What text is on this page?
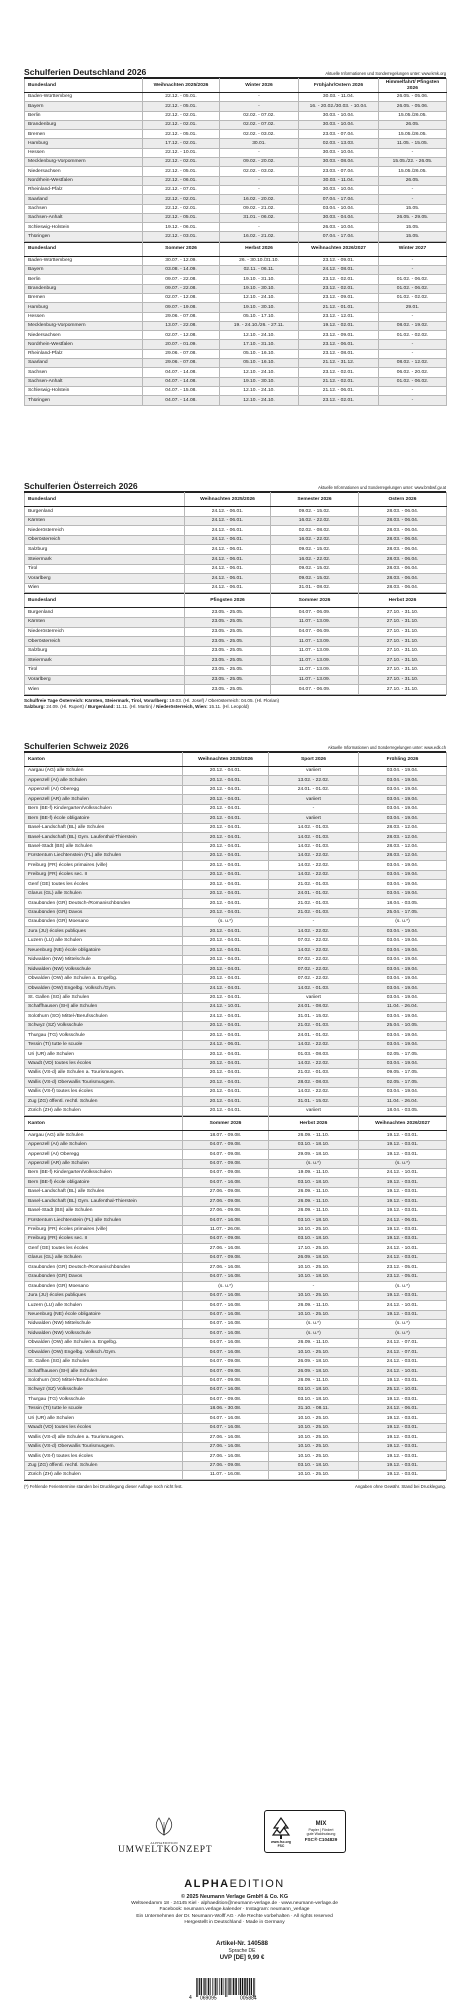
Schulferien Deutschland 2026	Aktuelle Informationen und Sonderregelungen unter: www.kmk.org
Bundesland	Weihnachten 2025/2026	Winter 2026	Frühjahr/Ostern 2026	Himmelfahrt/ Pfingsten 2026
Baden-Württemberg	22.12. - 05.01.	-	30.03. - 11.04.	26.05. - 05.06.
Bayern	22.12. - 05.01.	-	16. - 20.02./30.03. - 10.04.	26.05. - 05.06.
Berlin	22.12. - 02.01.	02.02. - 07.02.	30.03. - 10.04.	15.05./26.05.
Brandenburg	22.12. - 02.01.	02.02. - 07.02.	30.03. - 10.04.	26.05.
Bremen	22.12. - 05.01.	02.02. - 03.02.	23.03. - 07.04.	15.05./26.05.
Hamburg	17.12. - 02.01.	30.01.	02.03. - 13.03.	11.05. - 15.05.
Hessen	22.12. - 10.01.	-	30.03. - 10.04.	-
Mecklenburg-Vorpommern	22.12. - 02.01.	09.02. - 20.02.	30.03. - 08.04.	15.05./22. - 26.05.
Niedersachsen	22.12. - 05.01.	02.02. - 03.02.	23.03. - 07.04.	15.05./26.05.
Nordrhein-Westfalen	22.12. - 06.01.	-	30.03. - 11.04.	26.05.
Rheinland-Pfalz	22.12. - 07.01.	-	30.03. - 10.04.	-
Saarland	22.12. - 02.01.	16.02. - 20.02.	07.04. - 17.04.	-
Sachsen	22.12. - 02.01.	09.02. - 21.02.	03.04. - 10.04.	15.05.
Sachsen-Anhalt	22.12. - 05.01.	31.01. - 06.02.	30.03. - 04.04.	26.05. - 29.05.
Schleswig-Holstein	19.12. - 06.01.	-	26.03. - 10.04.	15.05.
Thüringen	22.12. - 03.01.	16.02. - 21.02.	07.04. - 17.04.	15.05.
Bundesland	Sommer 2026	Herbst 2026	Weihnachten 2026/2027	Winter 2027
Baden-Württemberg	30.07. - 12.09.	26. - 30.10./31.10.	23.12. - 09.01.	-
Bayern	03.08. - 14.09.	02.11. - 06.11.	24.12. - 08.01.	-
Berlin	09.07. - 22.08.	19.10. - 31.10.	23.12. - 02.01.	01.02. - 06.02.
Brandenburg	09.07. - 22.08.	19.10. - 30.10.	23.12. - 02.01.	01.02. - 06.02.
Bremen	02.07. - 12.08.	12.10. - 24.10.	23.12. - 09.01.	01.02. - 02.02.
Hamburg	09.07. - 19.08.	19.10. - 30.10.	21.12. - 01.01.	29.01.
Hessen	29.06. - 07.08.	05.10. - 17.10.	23.12. - 12.01.	-
Mecklenburg-Vorpommern	13.07. - 22.08.	19. - 24.10./26. - 27.11.	19.12. - 02.01.	08.02. - 19.02.
Niedersachsen	02.07. - 12.08.	12.10. - 24.10.	23.12. - 09.01.	01.02. - 02.02.
Nordrhein-Westfalen	20.07. - 01.09.	17.10. - 31.10.	23.12. - 06.01.	-
Rheinland-Pfalz	29.06. - 07.08.	05.10. - 16.10.	23.12. - 08.01.	-
Saarland	29.06. - 07.08.	05.10. - 16.10.	21.12. - 31.12.	08.02. - 12.02.
Sachsen	04.07. - 14.08.	12.10. - 24.10.	23.12. - 02.01.	06.02. - 20.02.
Sachsen-Anhalt	04.07. - 14.08.	19.10. - 30.10.	21.12. - 02.01.	01.02. - 06.02.
Schleswig-Holstein	04.07. - 15.08.	12.10. - 24.10.	21.12. - 06.01.	-
Thüringen	04.07. - 14.08.	12.10. - 24.10.	23.12. - 02.01.	-
Schulferien Österreich 2026	Aktuelle Informationen und Sonderregelungen unter: www.bmbwf.gv.at
Bundesland	Weihnachten 2025/2026	Semester 2026	Ostern 2026
Burgenland	24.12. - 06.01.	09.02. - 15.02.	28.03. - 06.04.
Kärnten	24.12. - 06.01.	16.02. - 22.02.	28.03. - 06.04.
Niederösterreich	24.12. - 06.01.	02.02. - 08.02.	28.03. - 06.04.
Oberösterreich	24.12. - 06.01.	16.02. - 22.02.	28.03. - 06.04.
Salzburg	24.12. - 06.01.	09.02. - 15.02.	28.03. - 06.04.
Steiermark	24.12. - 06.01.	16.02. - 22.02.	28.03. - 06.04.
Tirol	24.12. - 06.01.	09.02. - 15.02.	28.03. - 06.04.
Vorarlberg	24.12. - 06.01.	09.02. - 15.02.	28.03. - 06.04.
Wien	24.12. - 06.01.	31.01. - 08.02.	28.03. - 06.04.
Bundesland	Pfingsten 2026	Sommer 2026	Herbst 2026
Burgenland	23.05. - 25.05.	04.07. - 06.09.	27.10. - 31.10.
Kärnten	23.05. - 25.05.	11.07. - 13.09.	27.10. - 31.10.
Niederösterreich	23.05. - 25.05.	04.07. - 06.09.	27.10. - 31.10.
Oberösterreich	23.05. - 25.05.	11.07. - 13.09.	27.10. - 31.10.
Salzburg	23.05. - 25.05.	11.07. - 13.09.	27.10. - 31.10.
Steiermark	23.05. - 25.05.	11.07. - 13.09.	27.10. - 31.10.
Tirol	23.05. - 25.05.	11.07. - 13.09.	27.10. - 31.10.
Vorarlberg	23.05. - 25.05.	11.07. - 13.09.	27.10. - 31.10.
Wien	23.05. - 25.05.	04.07. - 06.09.	27.10. - 31.10.
Schulfreie Tage Österreich: Kärnten, Steiermark, Tirol, Vorarlberg: 19.03. (Hl. Josef) / Oberösterreich: 04.05. (Hl. Florian)
Salzburg: 24.09. (Hl. Rupert) / Burgenland: 11.11. (Hl. Martin) / Niederösterreich, Wien: 15.11. (Hl. Leopold)
Schulferien Schweiz 2026	Aktuelle Informationen und Sonderregelungen unter: www.edk.ch
Kanton	Weihnachten 2025/2026	Sport 2026	Frühling 2026
Aargau (AG) alle Schulen	20.12. - 04.01.	variiert	03.04. - 19.04.
Appenzell (AI) alle Schulen	20.12. - 04.01.	13.02. - 22.02.	03.04. - 19.04.
Appenzell (AI) Oberegg	20.12. - 04.01.	24.01. - 01.02.	03.04. - 19.04.
Appenzell (AR) alle Schulen	20.12. - 04.01.	variiert	03.04. - 19.04.
Bern (BE-f) Kindergarten/Volksschulen	20.12. - 04.01.	-	03.04. - 19.04.
Bern (BE-f) école obligatoire	20.12. - 04.01.	variiert	03.04. - 19.04.
Basel-Landschaft (BL) alle Schulen	20.12. - 04.01.	14.02. - 01.03.	28.03. - 12.04.
Basel-Landschaft (BL) Gym. Laufenthal-Thierstein	20.12. - 04.01.	14.02. - 01.03.	28.03. - 12.04.
Basel-Stadt (BS) alle Schulen	20.12. - 04.01.	14.02. - 01.03.	28.03. - 12.04.
Fürstentum Liechtenstein (FL) alle Schulen	20.12. - 04.01.	14.02. - 22.02.	28.03. - 12.04.
Freiburg (FR) écoles primaires (ville)	20.12. - 04.01.	14.02. - 22.02.	03.04. - 19.04.
Freiburg (FR) écoles sec. II	20.12. - 04.01.	14.02. - 22.02.	03.04. - 19.04.
Genf (GE) toutes les écoles	20.12. - 04.01.	21.02. - 01.03.	03.04. - 19.04.
Glarus (GL) alle Schulen	20.12. - 04.01.	24.01. - 01.02.	03.04. - 19.04.
Graubünden (GR) Deutsch-/Romanischbünden	20.12. - 04.01.	21.02. - 01.03.	18.04. - 03.05.
Graubünden (GR) Davos	20.12. - 04.01.	21.02. - 01.03.	25.04. - 17.05.
Graubünden (GR) Moesano	(s. u.*)	-	(s. u.*)
Jura (JU) écoles publiques	20.12. - 04.01.	14.02. - 22.02.	03.04. - 19.04.
Luzern (LU) alle Schulen	20.12. - 04.01.	07.02. - 22.02.	03.04. - 19.04.
Neuenburg (NE) école obligatoire	20.12. - 04.01.	14.02. - 22.02.	03.04. - 19.04.
Nidwalden (NW) Mittelschule	20.12. - 04.01.	07.02. - 22.02.	03.04. - 19.04.
Nidwalden (NW) Volksschule	20.12. - 04.01.	07.02. - 22.02.	03.04. - 19.04.
Obwalden (OW) alle Schulen a. Engelbg.	20.12. - 04.01.	07.02. - 22.02.	03.04. - 19.04.
Obwalden (OW) Engelbg. Volksch./Gym.	24.12. - 04.01.	14.02. - 01.03.	03.04. - 19.04.
St. Gallen (SG) alle Schulen	20.12. - 04.01.	variiert	03.04. - 19.04.
Schaffhausen (SH) alle Schulen	24.12. - 10.01.	24.01. - 08.02.	11.04. - 26.04.
Solothurn (SO) Mittel-/Berufsschulen	24.12. - 04.01.	31.01. - 15.02.	03.04. - 19.04.
Schwyz (SZ) Volksschule	20.12. - 04.01.	21.02. - 01.03.	25.04. - 10.05.
Thurgau (TG) Volksschule	20.12. - 04.01.	24.01. - 01.02.	03.04. - 19.04.
Tessin (TI) tutte le scuole	24.12. - 06.01.	14.02. - 22.02.	03.04. - 19.04.
Uri (UR) alle Schulen	20.12. - 04.01.	01.03. - 08.03.	02.05. - 17.05.
Waadt (VD) toutes les écoles	20.12. - 04.01.	14.02. - 22.02.	03.04. - 19.04.
Wallis (VS-d) alle Schulen a. Tourismusgem.	20.12. - 04.01.	21.02. - 01.03.	09.05. - 17.05.
Wallis (VS-d) Oberwallis Tourismusgem.	20.12. - 04.01.	28.02. - 08.03.	02.05. - 17.05.
Wallis (VS-f) toutes les écoles	20.12. - 04.01.	14.02. - 22.02.	03.04. - 19.04.
Zug (ZG) öffentl. rechtl. Schulen	20.12. - 04.01.	31.01. - 15.02.	11.04. - 26.04.
Zürich (ZH) alle Schulen	20.12. - 04.01.	variiert	18.04. - 03.05.
Kanton	Sommer 2026	Herbst 2026	Weihnachten 2026/2027
Aargau (AG) alle Schulen	18.07. - 09.08.	26.09. - 11.10.	19.12. - 03.01.
Appenzell (AI) alle Schulen	04.07. - 09.08.	03.10. - 18.10.	19.12. - 03.01.
Appenzell (AI) Oberegg	04.07. - 09.08.	29.09. - 18.10.	19.12. - 03.01.
Appenzell (AR) alle Schulen	04.07. - 09.08.	(s. u.*)	(s. u.*)
Bern (BE-f) Kindergarten/Volksschulen	04.07. - 09.08.	19.09. - 11.10.	24.12. - 10.01.
Bern (BE-f) école obligatoire	04.07. - 16.08.	03.10. - 18.10.	19.12. - 03.01.
Basel-Landschaft (BL) alle Schulen	27.06. - 09.08.	26.09. - 11.10.	19.12. - 03.01.
Basel-Landschaft (BL) Gym. Laufenthal-Thierstein	27.06. - 09.08.	26.09. - 11.10.	19.12. - 03.01.
Basel-Stadt (BS) alle Schulen	27.06. - 09.08.	26.09. - 11.10.	19.12. - 03.01.
Fürstentum Liechtenstein (FL) alle Schulen	04.07. - 16.08.	03.10. - 18.10.	24.12. - 06.01.
Freiburg (FR) écoles primaires (ville)	11.07. - 26.08.	10.10. - 25.10.	19.12. - 03.01.
Freiburg (FR) écoles sec. II	04.07. - 09.08.	03.10. - 18.10.	19.12. - 03.01.
Genf (GE) toutes les écoles	27.06. - 16.08.	17.10. - 25.10.	24.12. - 10.01.
Glarus (GL) alle Schulen	04.07. - 09.08.	26.09. - 18.10.	24.12. - 03.01.
Graubünden (GR) Deutsch-/Romanischbünden	27.06. - 16.08.	10.10. - 25.10.	23.12. - 05.01.
Graubünden (GR) Davos	04.07. - 16.08.	10.10. - 18.10.	23.12. - 05.01.
Graubünden (GR) Moesano	(s. u.*)	-	(s. u.*)
Jura (JU) écoles publiques	04.07. - 16.08.	10.10. - 25.10.	19.12. - 03.01.
Luzern (LU) alle Schulen	04.07. - 16.08.	26.09. - 11.10.	24.12. - 10.01.
Neuenburg (NE) école obligatoire	04.07. - 16.08.	10.10. - 25.10.	19.12. - 03.01.
Nidwalden (NW) Mittelschule	04.07. - 16.08.	(s. u.*)	(s. u.*)
Nidwalden (NW) Volksschule	04.07. - 16.08.	(s. u.*)	(s. u.*)
Obwalden (OW) alle Schulen a. Engelbg.	04.07. - 16.08.	26.09. - 11.10.	24.12. - 07.01.
Obwalden (OW) Engelbg. Volksch./Gym.	04.07. - 16.08.	10.10. - 25.10.	24.12. - 07.01.
St. Gallen (SG) alle Schulen	04.07. - 09.08.	26.09. - 18.10.	24.12. - 03.01.
Schaffhausen (SH) alle Schulen	04.07. - 09.08.	26.09. - 18.10.	24.12. - 10.01.
Solothurn (SO) Mittel-/Berufsschulen	04.07. - 09.08.	26.09. - 11.10.	19.12. - 03.01.
Schwyz (SZ) Volksschule	04.07. - 16.08.	03.10. - 18.10.	25.12. - 10.01.
Thurgau (TG) Volksschule	04.07. - 09.08.	03.10. - 18.10.	19.12. - 03.01.
Tessin (TI) tutte le scuole	18.06. - 30.08.	31.10. - 08.11.	24.12. - 06.01.
Uri (UR) alle Schulen	04.07. - 16.08.	10.10. - 25.10.	19.12. - 03.01.
Waadt (VD) toutes les écoles	04.07. - 16.08.	10.10. - 25.10.	19.12. - 03.01.
Wallis (VS-d) alle Schulen a. Tourismusgem.	27.06. - 16.08.	10.10. - 25.10.	19.12. - 03.01.
Wallis (VS-d) Oberwallis Tourismusgem.	27.06. - 16.08.	10.10. - 25.10.	19.12. - 03.01.
Wallis (VS-f) toutes les écoles	27.06. - 16.08.	10.10. - 25.10.	19.12. - 03.01.
Zug (ZG) öffentl. rechtl. Schulen	27.06. - 09.08.	03.10. - 18.10.	19.12. - 03.01.
Zürich (ZH) alle Schulen	11.07. - 16.08.	10.10. - 25.10.	19.12. - 03.01.
(*) Fehlende Ferientermine standen bei Drucklegung dieser Auflage noch nicht fest.	Angaben ohne Gewähr. Stand bei Drucklegung.
ALPHAEDITION
UMWELTKONZEPT
www.fsc.org
FSC
MIX
Papier | Fördert
gute Waldnutzung
FSC® C104829
ALPHAEDITION
© 2025 Neumann Verlage GmbH & Co. KG
Weltseedamm 18 · 24145 Kiel · alphaedition@neumann-verlage.de · www.neumann-verlage.de
Facebook: neumann.verlage.kalender · Instagram: neumann_verlage
Ein Unternehmen der Dr. Neumann-Wolff AG · Alle Rechte vorbehalten · All rights reserved
Hergestellt in Deutschland · Made in Germany
Artikel-Nr. 140588
Sprache DE
UVP [DE] 9,99 €
4 069095	005884
